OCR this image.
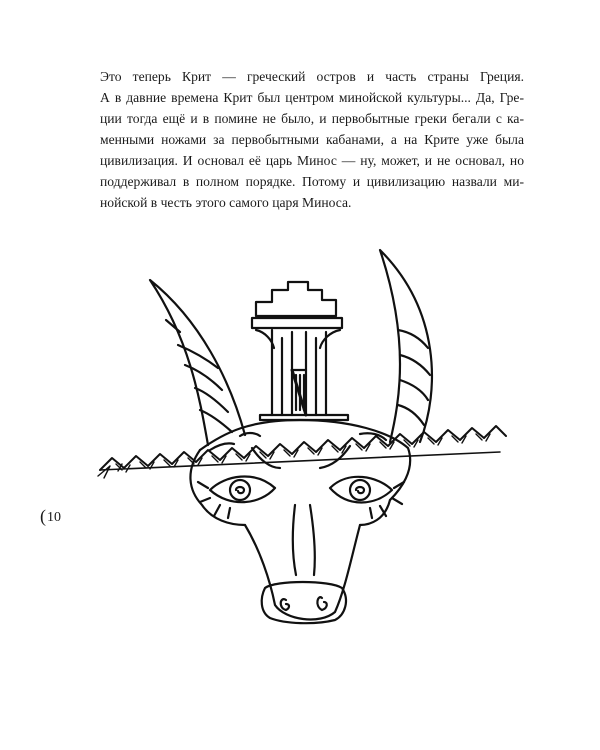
Это теперь Крит — греческий остров и часть страны Греция.
А в давние времена Крит был центром минойской культуры... Да, Гре-
ции тогда ещё и в помине не было, и первобытные греки бегали с ка-
менными ножами за первобытными кабанами, а на Крите уже была
цивилизация. И основал её царь Минос — ну, может, и не основал, но
поддерживал в полном порядке. Потому и цивилизацию назвали ми-
нойской в честь этого самого царя Миноса.
(10
